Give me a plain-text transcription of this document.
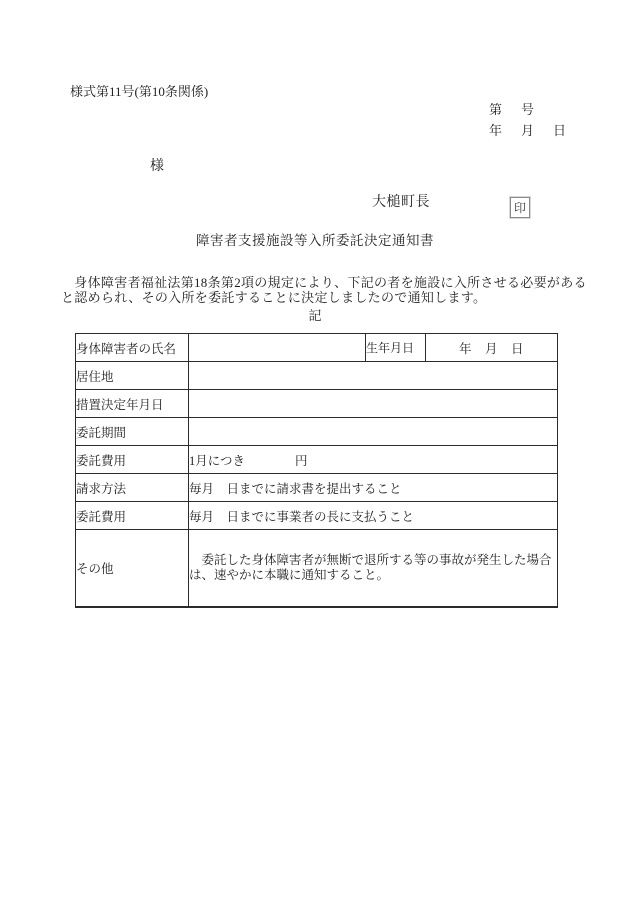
様式第11号(第10条関係)
第　号
年　月　日
様
大槌町長	印
障害者支援施設等入所委託決定通知書
　身体障害者福祉法第18条第2項の規定により、下記の者を施設に入所させる必要がある
と認められ、その入所を委託することに決定しましたので通知します。
記
身体障害者の氏名		生年月日	年　月　日
居住地			
措置決定年月日			
委託期間			
委託費用	1月につき　　　　円		
請求方法	毎月　日までに請求書を提出すること		
委託費用	毎月　日までに事業者の長に支払うこと		
その他	　委託した身体障害者が無断で退所する等の事故が発生した場合
は、速やかに本職に通知すること。		
